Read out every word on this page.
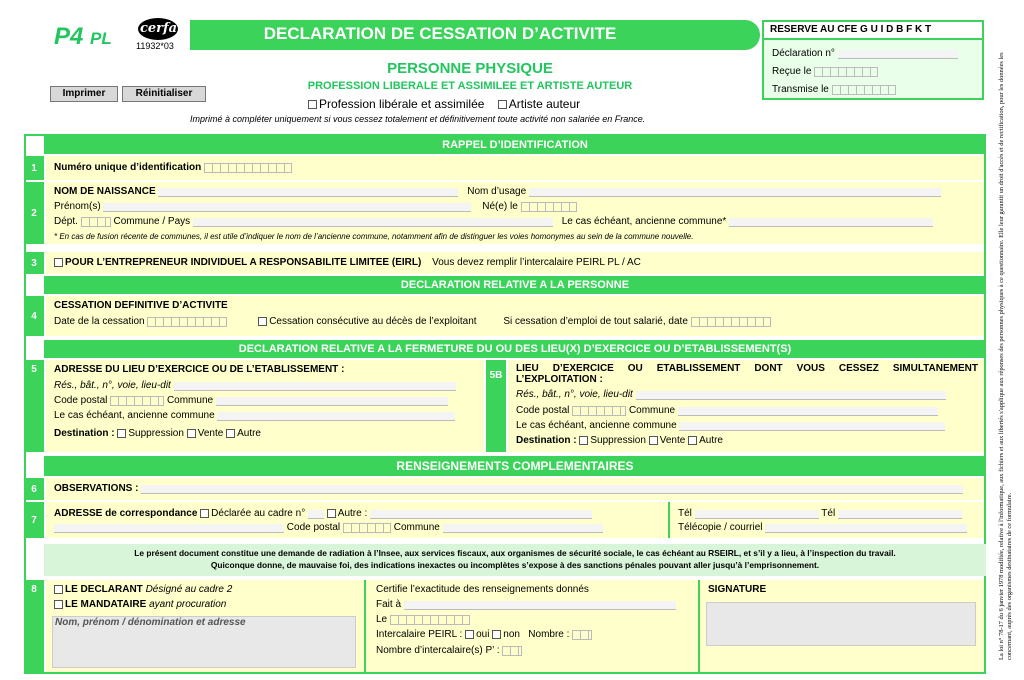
P4 PL
cerfa
11932*03
DECLARATION DE CESSATION D’ACTIVITE
PERSONNE PHYSIQUE
PROFESSION LIBERALE ET ASSIMILEE ET ARTISTE AUTEUR
Profession libérale et assimilée Artiste auteur
Imprimé à compléter uniquement si vous cessez totalement et définitivement toute activité non salariée en France.
Imprimer	Réinitialiser
RESERVE AU CFE G U I D B F K T
Déclaration n°
Reçue le
Transmise le	La loi n° 78-17 du 6 janvier 1978 modifiée, relative à l'informatique, aux fichiers et aux libertés s'applique aux réponses des personnes physiques à ce questionnaire. Elle leur garantit un droit d'accès et de rectification, pour les données les concernant, auprès des organismes destinataires de ce formulaire.
RAPPEL D’IDENTIFICATION
1	Numéro unique d’identification
2
NOM DE NAISSANCE	Nom d’usage
Prénom(s)	Né(e) le
Dépt.	Commune / Pays	Le cas échéant, ancienne commune*
* En cas de fusion récente de communes, il est utile d’indiquer le nom de l’ancienne commune, notamment afin de distinguer les voies homonymes au sein de la commune nouvelle.
3	POUR L’ENTREPRENEUR INDIVIDUEL A RESPONSABILITE LIMITEE (EIRL) Vous devez remplir l’intercalaire PEIRL PL / AC
DECLARATION RELATIVE A LA PERSONNE
4
CESSATION DEFINITIVE D’ACTIVITE
Date de la cessation	Cessation consécutive au décès de l’exploitant	Si cessation d’emploi de tout salarié, date
DECLARATION RELATIVE A LA FERMETURE DU OU DES LIEU(X) D’EXERCICE OU D’ETABLISSEMENT(S)
5	ADRESSE DU LIEU D’EXERCICE OU DE L’ETABLISSEMENT :
Rés., bât., n°, voie, lieu-dit
Code postal	Commune
Le cas échéant, ancienne commune
Destination : Suppression Vente Autre
5B
LIEU D’EXERCICE OU ETABLISSEMENT DONT VOUS CESSEZ SIMULTANEMENT
L’EXPLOITATION :
Rés., bât., n°, voie, lieu-dit
Code postal	Commune
Le cas échéant, ancienne commune
Destination : Suppression Vente Autre
RENSEIGNEMENTS COMPLEMENTAIRES
6	OBSERVATIONS :
7
ADRESSE de correspondance Déclarée au cadre n°	Autre :
Code postal	Commune
Tél	Tél
Télécopie / courriel
Le présent document constitue une demande de radiation à l’Insee, aux services fiscaux, aux organismes de sécurité sociale, le cas échéant au RSEIRL, et s’il y a lieu, à l’inspection du travail.
Quiconque donne, de mauvaise foi, des indications inexactes ou incomplètes s’expose à des sanctions pénales pouvant aller jusqu’à l’emprisonnement.
8	LE DECLARANT Désigné au cadre 2
LE MANDATAIRE ayant procuration
Nom, prénom / dénomination et adresse
Certifie l’exactitude des renseignements donnés
Fait à
Le
Intercalaire PEIRL : oui non Nombre :
Nombre d’intercalaire(s) P’ :
SIGNATURE
